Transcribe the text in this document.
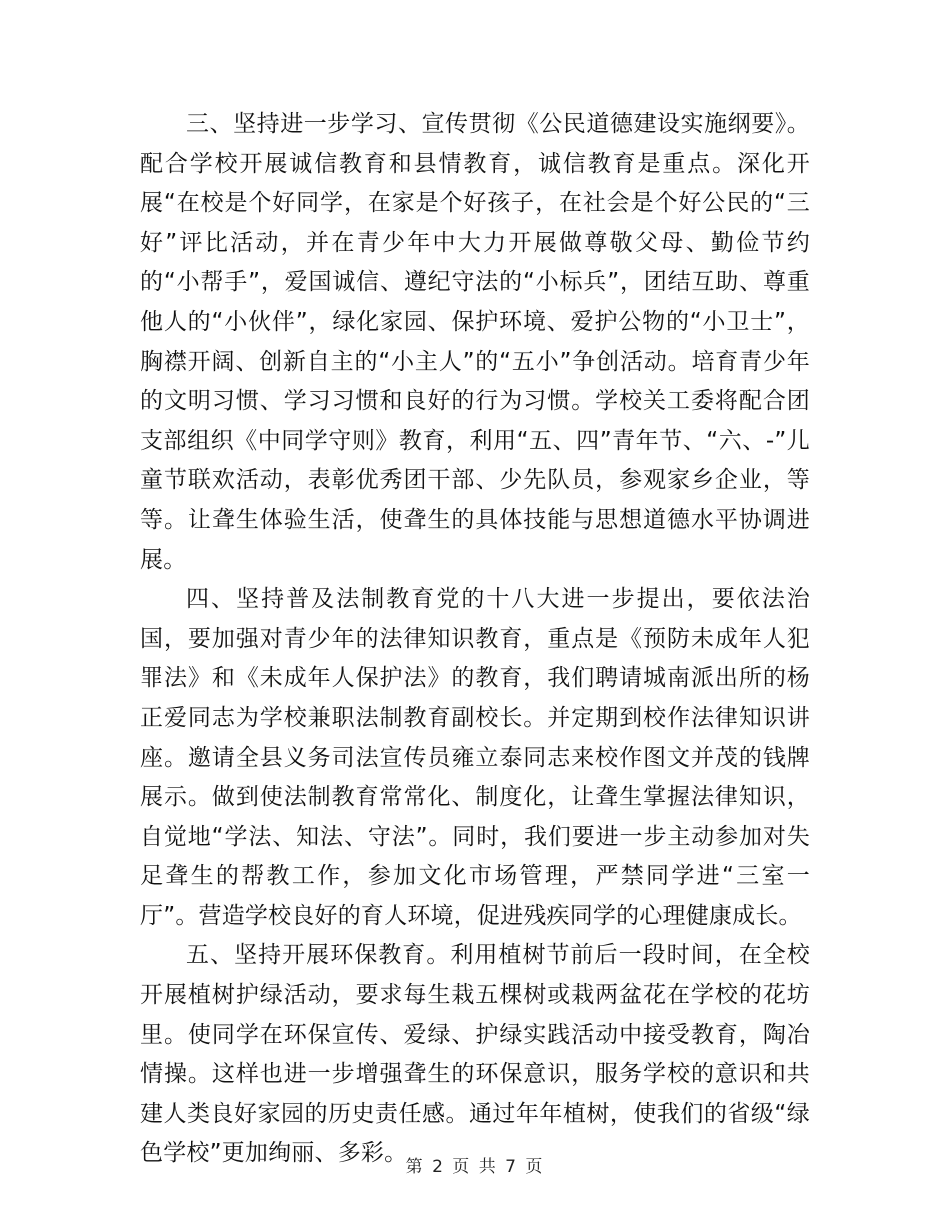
三、坚持进一步学习、宣传贯彻《公民道德建设实施纲要》。配合学校开展诚信教育和县情教育，诚信教育是重点。深化开展“在校是个好同学，在家是个好孩子，在社会是个好公民的“三好”评比活动，并在青少年中大力开展做尊敬父母、勤俭节约的“小帮手”，爱国诚信、遵纪守法的“小标兵”，团结互助、尊重他人的“小伙伴”，绿化家园、保护环境、爱护公物的“小卫士”，胸襟开阔、创新自主的“小主人”的“五小”争创活动。培育青少年的文明习惯、学习习惯和良好的行为习惯。学校关工委将配合团支部组织《中同学守则》教育，利用“五、四”青年节、“六、-”儿童节联欢活动，表彰优秀团干部、少先队员，参观家乡企业，等等。让聋生体验生活，使聋生的具体技能与思想道德水平协调进展。

四、坚持普及法制教育党的十八大进一步提出，要依法治国，要加强对青少年的法律知识教育，重点是《预防未成年人犯罪法》和《未成年人保护法》的教育，我们聘请城南派出所的杨正爱同志为学校兼职法制教育副校长。并定期到校作法律知识讲座。邀请全县义务司法宣传员雍立泰同志来校作图文并茂的钱牌展示。做到使法制教育常常化、制度化，让聋生掌握法律知识，自觉地“学法、知法、守法”。同时，我们要进一步主动参加对失足聋生的帮教工作，参加文化市场管理，严禁同学进“三室一厅”。营造学校良好的育人环境，促进残疾同学的心理健康成长。

五、坚持开展环保教育。利用植树节前后一段时间，在全校开展植树护绿活动，要求每生栽五棵树或栽两盆花在学校的花坊里。使同学在环保宣传、爱绿、护绿实践活动中接受教育，陶冶情操。这样也进一步增强聋生的环保意识，服务学校的意识和共建人类良好家园的历史责任感。通过年年植树，使我们的省级“绿色学校”更加绚丽、多彩。

第 2 页 共 7 页
